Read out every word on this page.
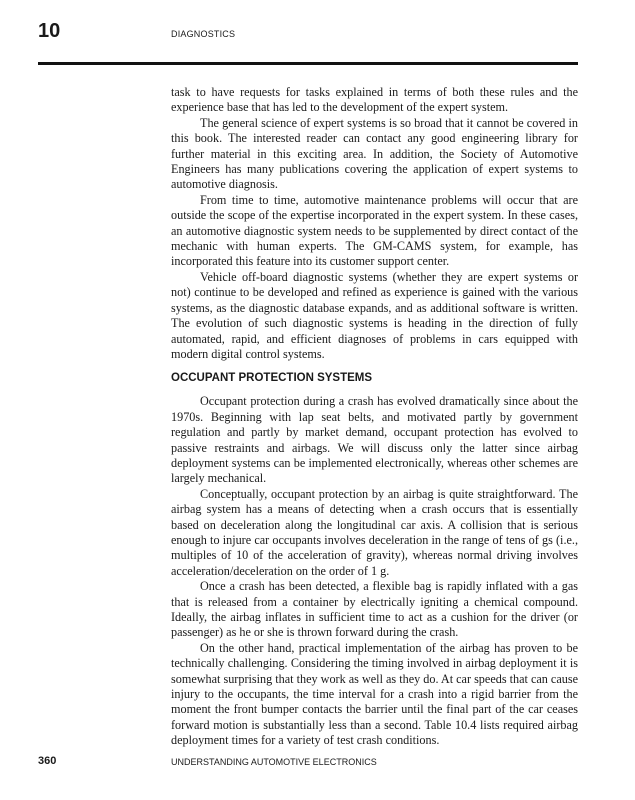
10	DIAGNOSTICS

task to have requests for tasks explained in terms of both these rules and the experience base that has led to the development of the expert system.

The general science of expert systems is so broad that it cannot be covered in this book. The interested reader can contact any good engineering library for further material in this exciting area. In addition, the Society of Automotive Engineers has many publications covering the application of expert systems to automotive diagnosis.

From time to time, automotive maintenance problems will occur that are outside the scope of the expertise incorporated in the expert system. In these cases, an automotive diagnostic system needs to be supplemented by direct contact of the mechanic with human experts. The GM-CAMS system, for example, has incorporated this feature into its customer support center.

Vehicle off-board diagnostic systems (whether they are expert systems or not) continue to be developed and refined as experience is gained with the various systems, as the diagnostic database expands, and as additional software is written. The evolution of such diagnostic systems is heading in the direction of fully automated, rapid, and efficient diagnoses of problems in cars equipped with modern digital control systems.

OCCUPANT PROTECTION SYSTEMS

Occupant protection during a crash has evolved dramatically since about the 1970s. Beginning with lap seat belts, and motivated partly by government regulation and partly by market demand, occupant protection has evolved to passive restraints and airbags. We will discuss only the latter since airbag deployment systems can be implemented electronically, whereas other schemes are largely mechanical.

Conceptually, occupant protection by an airbag is quite straightforward. The airbag system has a means of detecting when a crash occurs that is essentially based on deceleration along the longitudinal car axis. A collision that is serious enough to injure car occupants involves deceleration in the range of tens of gs (i.e., multiples of 10 of the acceleration of gravity), whereas normal driving involves acceleration/deceleration on the order of 1 g.

Once a crash has been detected, a flexible bag is rapidly inflated with a gas that is released from a container by electrically igniting a chemical compound. Ideally, the airbag inflates in sufficient time to act as a cushion for the driver (or passenger) as he or she is thrown forward during the crash.

On the other hand, practical implementation of the airbag has proven to be technically challenging. Considering the timing involved in airbag deployment it is somewhat surprising that they work as well as they do. At car speeds that can cause injury to the occupants, the time interval for a crash into a rigid barrier from the moment the front bumper contacts the barrier until the final part of the car ceases forward motion is substantially less than a second. Table 10.4 lists required airbag deployment times for a variety of test crash conditions.

360	UNDERSTANDING AUTOMOTIVE ELECTRONICS
